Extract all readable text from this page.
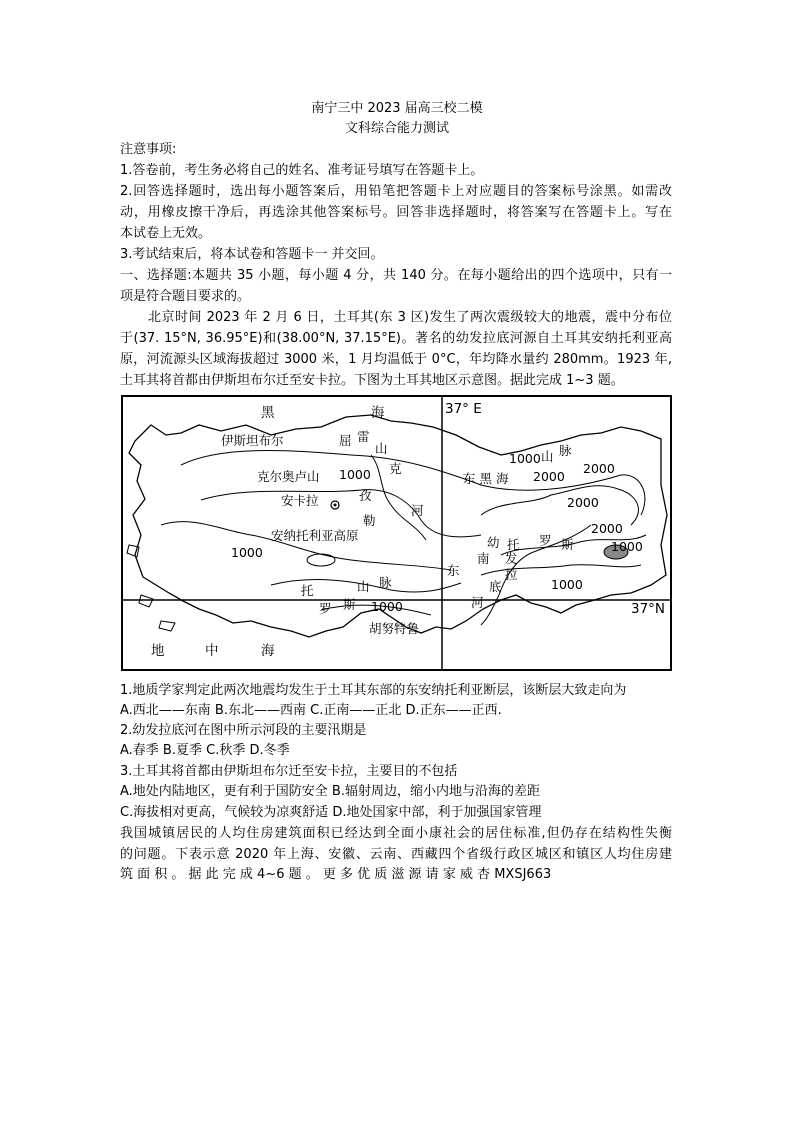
南宁三中 2023 届高三校二模
文科综合能力测试
注意事项:
1.答卷前，考生务必将自己的姓名、准考证号填写在答题卡上。
2.回答选择题时，选出每小题答案后，用铅笔把答题卡上对应题目的答案标号涂黑。如需改
动，用橡皮擦干净后，再选涂其他答案标号。回答非选择题时，将答案写在答题卡上。写在
本试卷上无效。
3.考试结束后，将本试卷和答题卡一 并交回。
一、选择题:本题共 35 小题，每小题 4 分，共 140 分。在每小题给出的四个选项中，只有一
项是符合题目要求的。
北京时间 2023 年 2 月 6 日，土耳其(东 3 区)发生了两次震级较大的地震，震中分布位
于(37. 15°N, 36.95°E)和(38.00°N, 37.15°E)。著名的幼发拉底河源自土耳其安纳托利亚高
原，河流源头区域海拔超过 3000 米，1 月均温低于 0°C，年均降水量约 280mm。1923 年,
土耳其将首都由伊斯坦布尔迁至安卡拉。下图为土耳其地区示意图。据此完成 1~3 题。
黑	海
伊斯坦布尔	屈 雷
山
克尔奥卢山 1000 克
安卡拉	孜
勒
河
安纳托利亚高原
1000
托	山 脉
罗 斯 1000
胡努特鲁
地	中	海
37° E
1000 山 脉
2000
东 黑 海 2000
2000
2000
幼 托 罗 斯	1000
南 发
拉
东
底	1000
河	37°N
1.地质学家判定此两次地震均发生于土耳其东部的东安纳托利亚断层，该断层大致走向为
A.西北——东南 B.东北——西南 C.正南——正北 D.正东——正西.
2.幼发拉底河在图中所示河段的主要汛期是
A.春季 B.夏季 C.秋季 D.冬季
3.土耳其将首都由伊斯坦布尔迁至安卡拉，主要目的不包括
A.地处内陆地区，更有利于国防安全 B.辐射周边，缩小内地与沿海的差距
C.海拔相对更高，气候较为凉爽舒适 D.地处国家中部，利于加强国家管理
我国城镇居民的人均住房建筑面积已经达到全面小康社会的居住标准,但仍存在结构性失衡
的问题。下表示意 2020 年上海、安徽、云南、西藏四个省级行政区城区和镇区人均住房建
筑 面 积 。 据 此 完 成 4~6 题 。 更 多 优 质 滋 源 请 家 威 杏 MXSJ663
